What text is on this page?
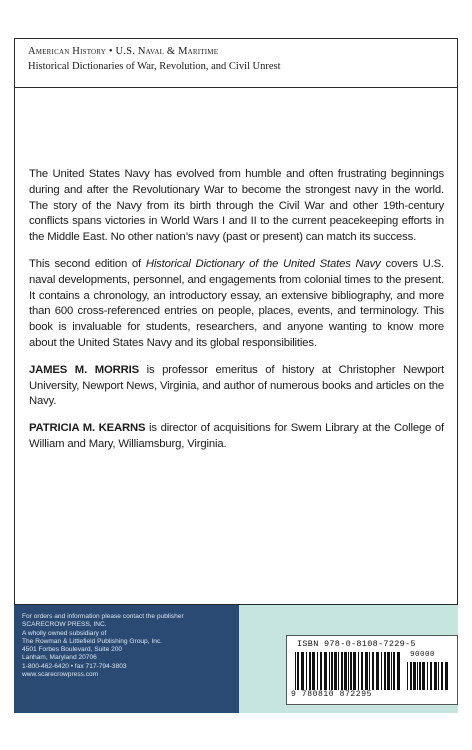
American History • U.S. Naval & Maritime
Historical Dictionaries of War, Revolution, and Civil Unrest

The United States Navy has evolved from humble and often frustrating beginnings during and after the Revolutionary War to become the strongest navy in the world. The story of the Navy from its birth through the Civil War and other 19th-century conflicts spans victories in World Wars I and II to the current peacekeeping efforts in the Middle East. No other nation’s navy (past or present) can match its success.

This second edition of Historical Dictionary of the United States Navy covers U.S. naval developments, personnel, and engagements from colonial times to the present. It contains a chronology, an introductory essay, an extensive bibliography, and more than 600 cross-referenced entries on people, places, events, and terminology. This book is invaluable for students, researchers, and anyone wanting to know more about the United States Navy and its global responsibilities.

JAMES M. MORRIS is professor emeritus of history at Christopher Newport University, Newport News, Virginia, and author of numerous books and articles on the Navy.

PATRICIA M. KEARNS is director of acquisitions for Swem Library at the College of William and Mary, Williamsburg, Virginia.

For orders and information please contact the publisher
SCARECROW PRESS, INC.
A wholly owned subsidiary of
The Rowman & Littlefield Publishing Group, Inc.
4501 Forbes Boulevard, Suite 200
Lanham, Maryland 20706
1-800-462-6420 • fax 717-794-3803
www.scarecrowpress.com
ISBN 978-0-8108-7229-5
90000
9 780810 872295
